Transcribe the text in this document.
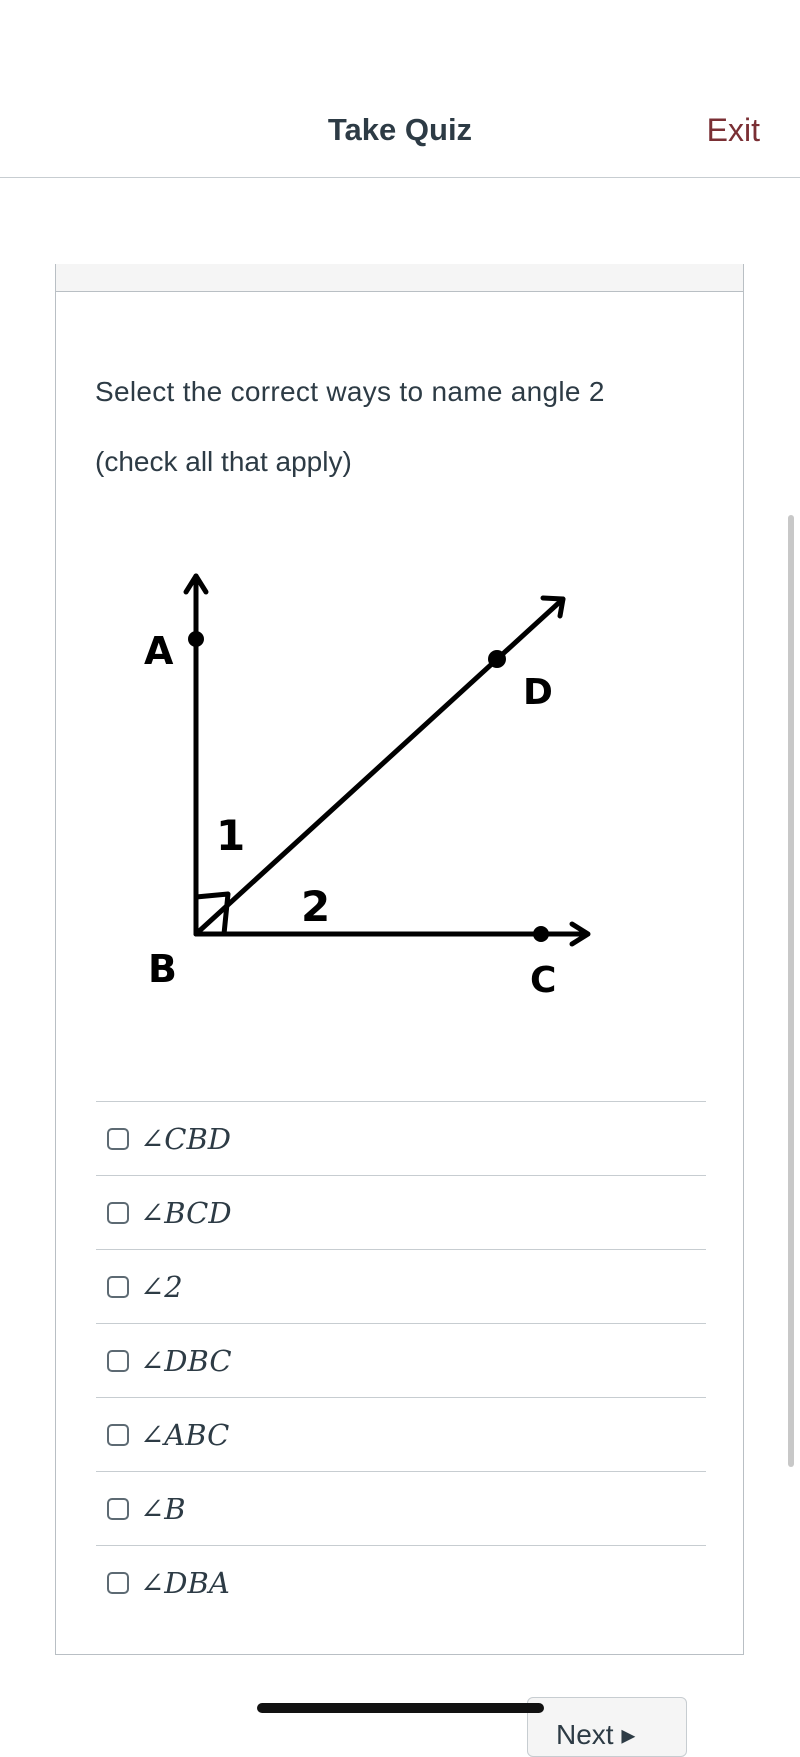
Take Quiz	Exit
Select the correct ways to name angle 2
(check all that apply)
A
B	C
D
1
2
∠CBD
∠BCD
∠2
∠DBC
∠ABC
∠B
∠DBA
Next ▸
